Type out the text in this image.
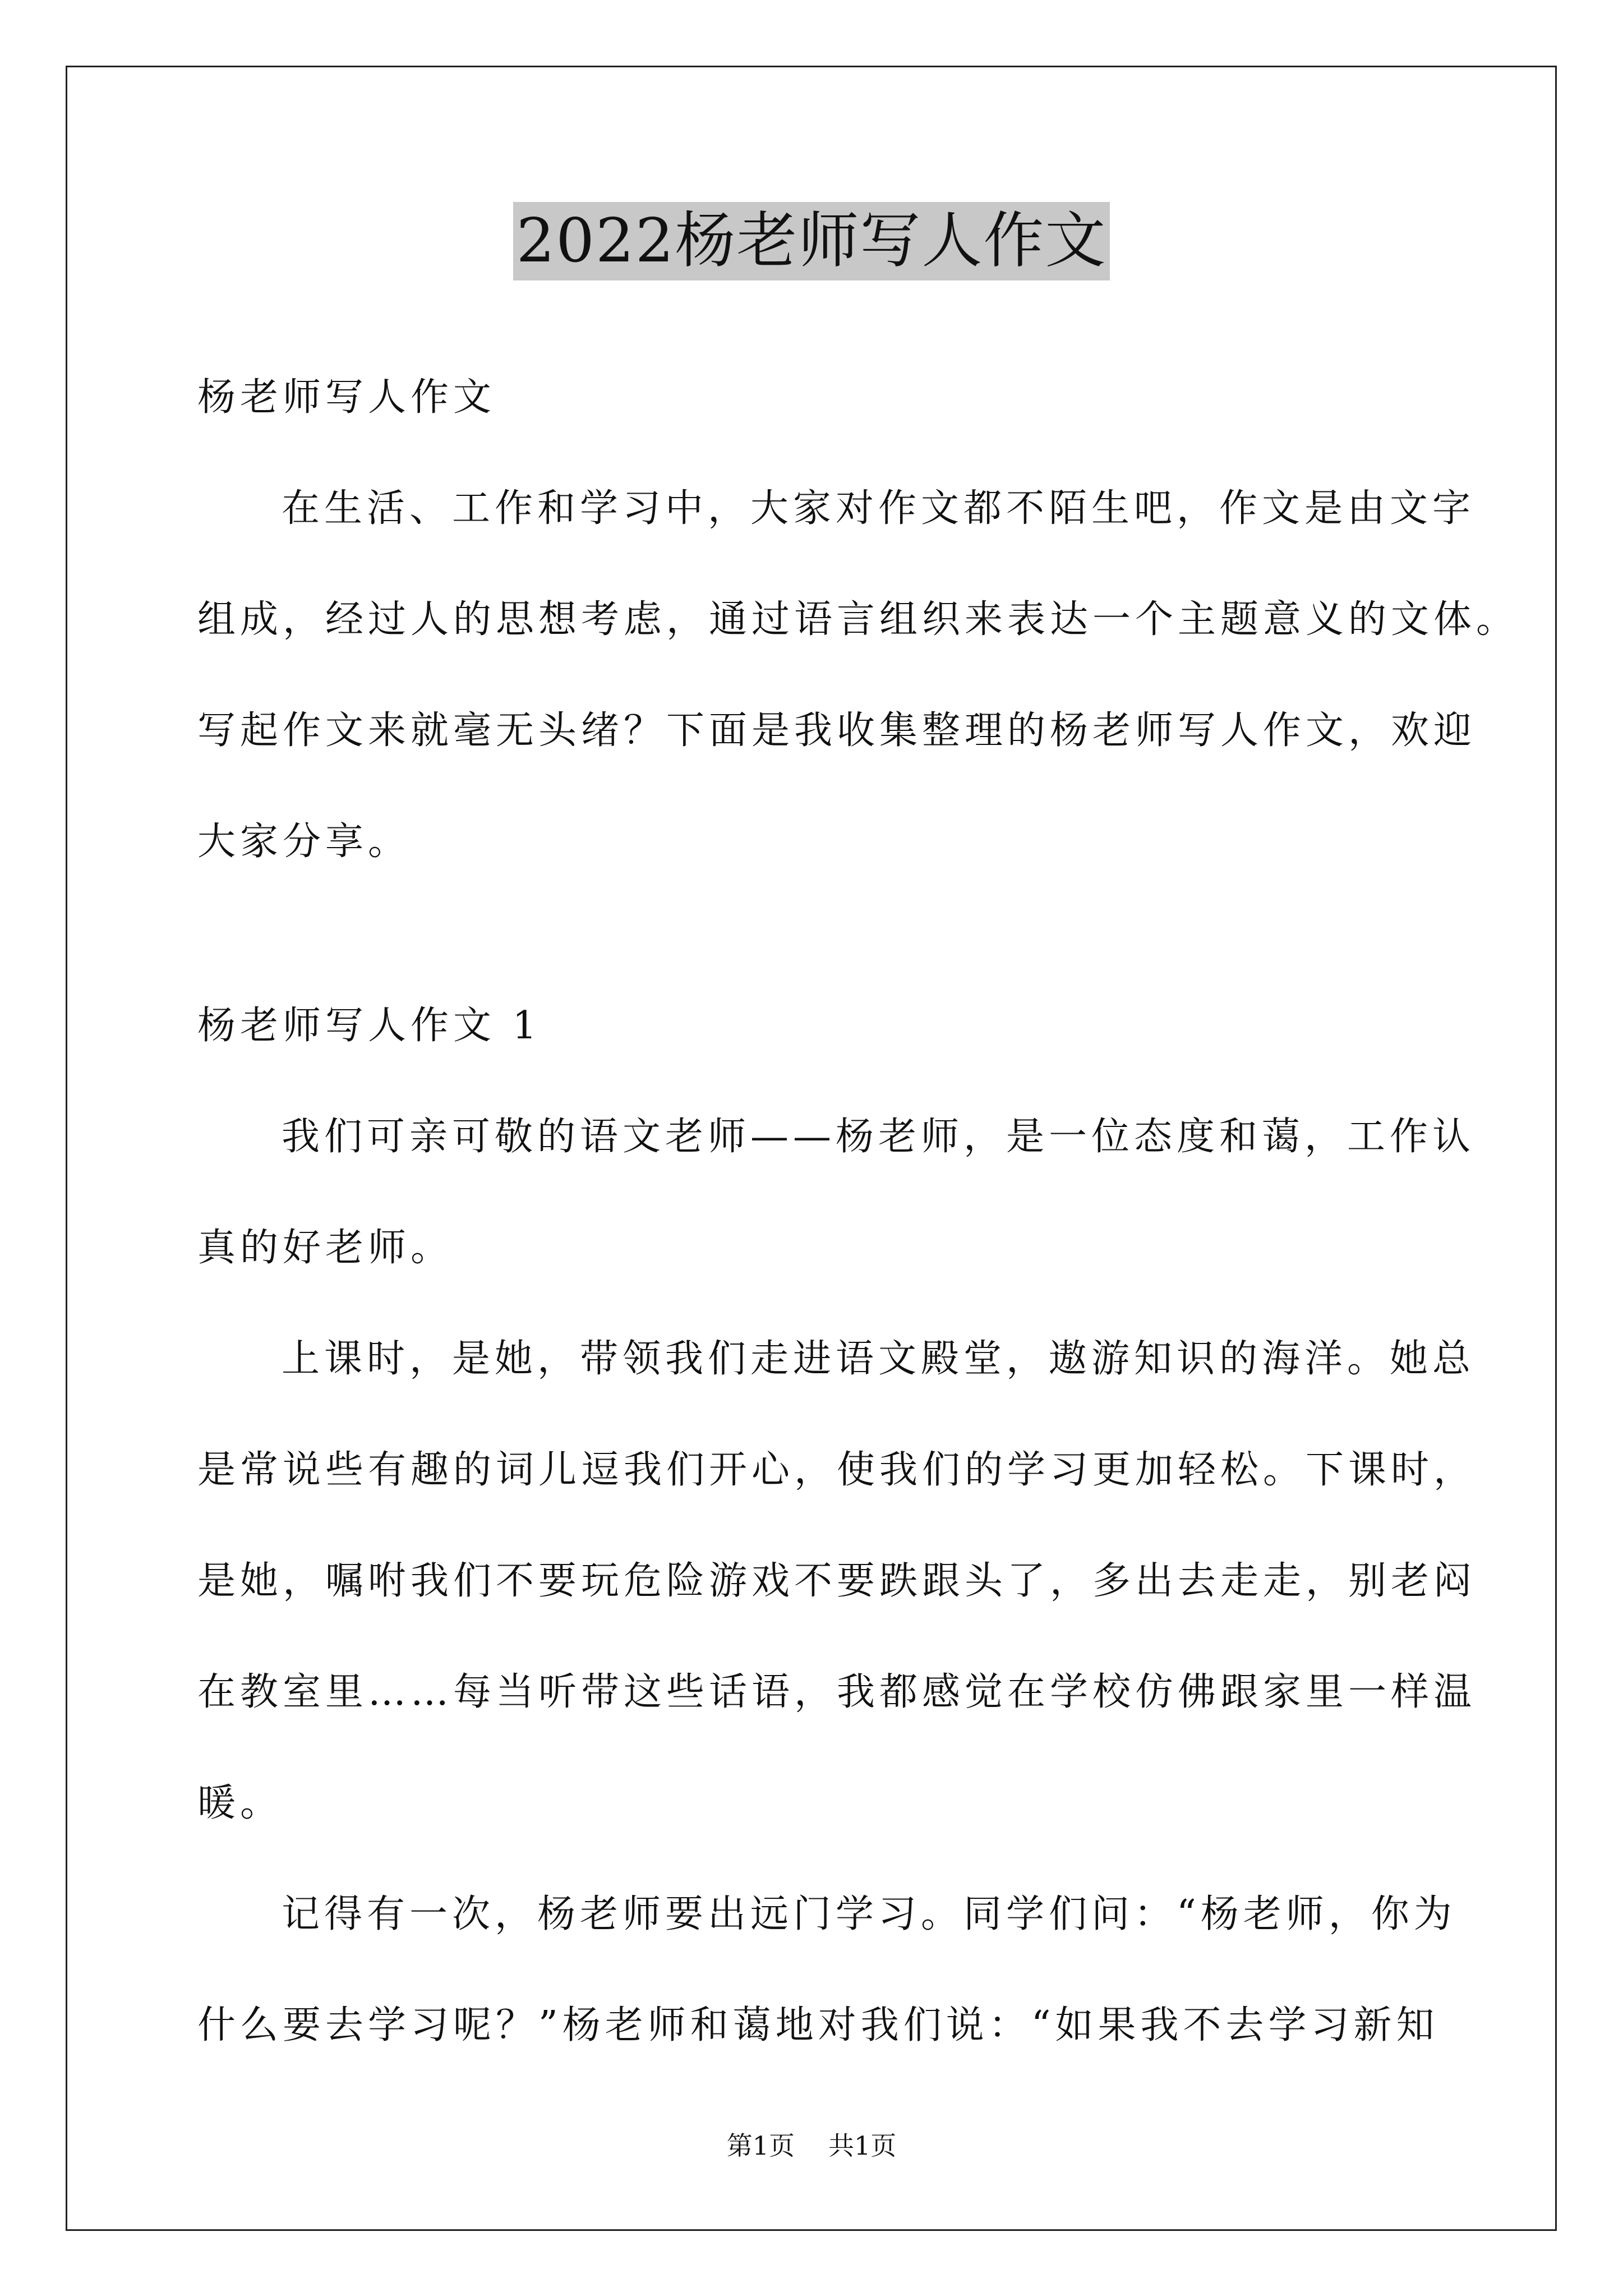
2022杨老师写人作文

杨老师写人作文

在生活、工作和学习中，大家对作文都不陌生吧，作文是由文字

组成，经过人的思想考虑，通过语言组织来表达一个主题意义的文体。

写起作文来就毫无头绪？下面是我收集整理的杨老师写人作文，欢迎

大家分享。

杨老师写人作文 1

我们可亲可敬的语文老师——杨老师，是一位态度和蔼，工作认

真的好老师。

上课时，是她，带领我们走进语文殿堂，遨游知识的海洋。她总

是常说些有趣的词儿逗我们开心，使我们的学习更加轻松。下课时，

是她，嘱咐我们不要玩危险游戏不要跌跟头了，多出去走走，别老闷

在教室里……每当听带这些话语，我都感觉在学校仿佛跟家里一样温

暖。

记得有一次，杨老师要出远门学习。同学们问：“杨老师，你为

什么要去学习呢？”杨老师和蔼地对我们说：“如果我不去学习新知

第1页 共1页
